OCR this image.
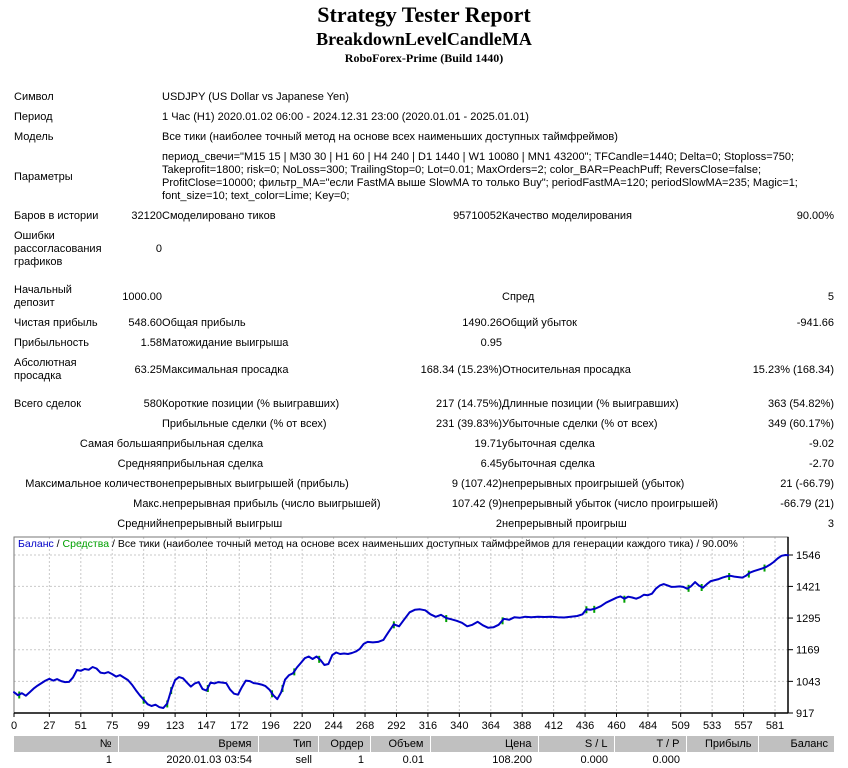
Strategy Tester Report
BreakdownLevelCandleMA
RoboForex-Prime (Build 1440)
Символ		USDJPY (US Dollar vs Japanese Yen)			
Период		1 Час (H1) 2020.01.02 06:00 - 2024.12.31 23:00 (2020.01.01 - 2025.01.01)			
Модель		Все тики (наиболее точный метод на основе всех наименьших доступных таймфреймов)			
Параметры		период_свечи="M15 15 | M30 30 | H1 60 | H4 240 | D1 1440 | W1 10080 | MN1 43200"; TFCandle=1440; Delta=0; Stoploss=750; Takeprofit=1800; risk=0; NoLoss=300; TrailingStop=0; Lot=0.01; MaxOrders=2; color_BAR=PeachPuff; ReversClose=false; ProfitClose=10000; фильтр_MA="если FastMA выше SlowMA то только Buy"; periodFastMA=120; periodSlowMA=235; Magic=1; font_size=10; text_color=Lime; Key=0;			
Баров в истории	32120	Смоделировано тиков	95710052	Качество моделирования	90.00%
Ошибки рассогласования графиков	0				

Начальный депозит	1000.00			Спред	5
Чистая прибыль	548.60	Общая прибыль	1490.26	Общий убыток	-941.66
Прибыльность	1.58	Матожидание выигрыша	0.95		
Абсолютная просадка	63.25	Максимальная просадка	168.34 (15.23%)	Относительная просадка	15.23% (168.34)

Всего сделок	580	Короткие позиции (% выигравших)	217 (14.75%)	Длинные позиции (% выигравших)	363 (54.82%)
		Прибыльные сделки (% от всех)	231 (39.83%)	Убыточные сделки (% от всех)	349 (60.17%)
Самая большая		прибыльная сделка	19.71	убыточная сделка	-9.02
Средняя		прибыльная сделка	6.45	убыточная сделка	-2.70
Максимальное количество		непрерывных выигрышей (прибыль)	9 (107.42)	непрерывных проигрышей (убыток)	21 (-66.79)
Макс.		непрерывная прибыль (число выигрышей)	107.42 (9)	непрерывный убыток (число проигрышей)	-66.79 (21)
Средний		непрерывный выигрыш	2	непрерывный проигрыш	3
1546
1421
1295
1169
1043
917
0 27 51 75 99 123 147 172 196 220 244 268 292 316 340 364 388 412 436 460 484 509 533 557 581
Баланс / Средства / Все тики (наиболее точный метод на основе всех наименьших доступных таймфреймов для генерации каждого тика) / 90.00%
№	Время	Тип	Ордер	Объем	Цена	S / L	T / P	Прибыль	Баланс
1	2020.01.03 03:54	sell	1	0.01	108.200	0.000	0.000		
